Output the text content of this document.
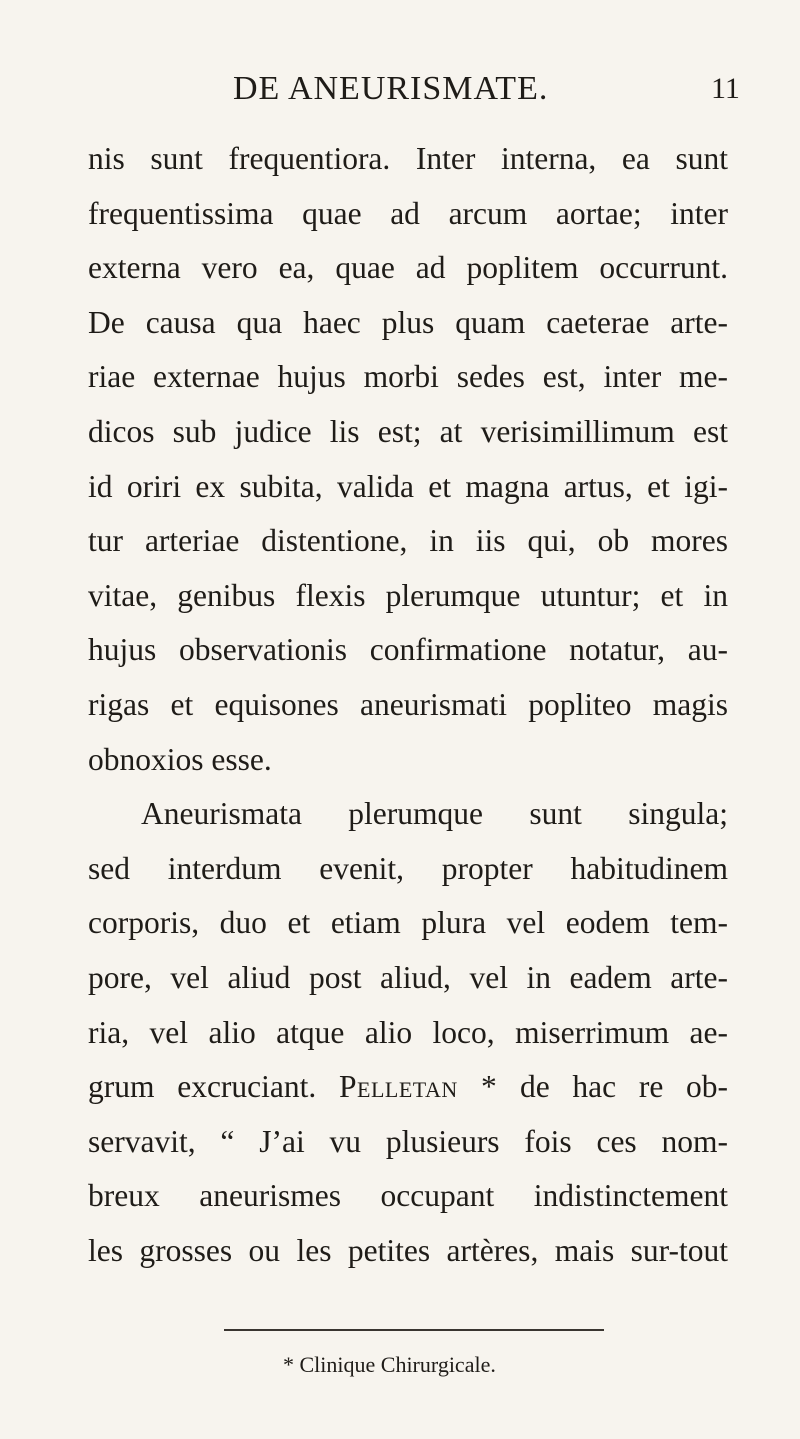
DE ANEURISMATE.	11
nis sunt frequentiora. Inter interna, ea sunt
frequentissima quae ad arcum aortae; inter
externa vero ea, quae ad poplitem occurrunt.
De causa qua haec plus quam caeterae arte-
riae externae hujus morbi sedes est, inter me-
dicos sub judice lis est; at verisimillimum est
id oriri ex subita, valida et magna artus, et igi-
tur arteriae distentione, in iis qui, ob mores
vitae, genibus flexis plerumque utuntur; et in
hujus observationis confirmatione notatur, au-
rigas et equisones aneurismati popliteo magis
obnoxios esse.
Aneurismata plerumque sunt singula;
sed interdum evenit, propter habitudinem
corporis, duo et etiam plura vel eodem tem-
pore, vel aliud post aliud, vel in eadem arte-
ria, vel alio atque alio loco, miserrimum ae-
grum excruciant. Pelletan * de hac re ob-
servavit, “ J’ai vu plusieurs fois ces nom-
breux aneurismes occupant indistinctement
les grosses ou les petites artères, mais sur-tout
* Clinique Chirurgicale.
